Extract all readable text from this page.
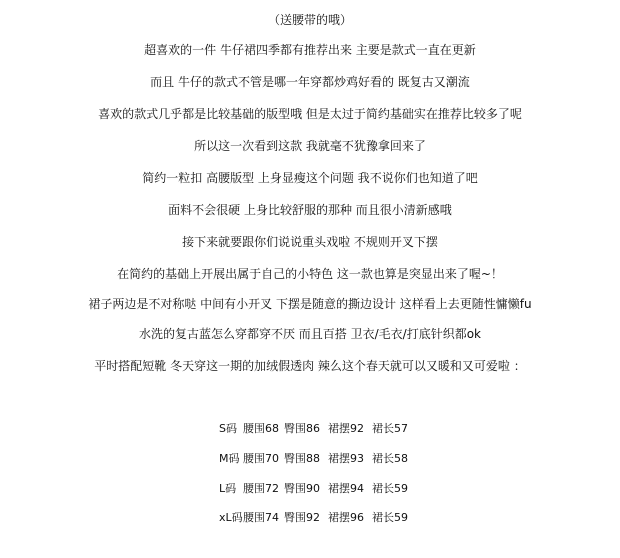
（送腰带的哦）
超喜欢的一件 牛仔裙四季都有推荐出来 主要是款式一直在更新
而且 牛仔的款式不管是哪一年穿都炒鸡好看的 既复古又潮流
喜欢的款式几乎都是比较基础的版型哦 但是太过于简约基础实在推荐比较多了呢
所以这一次看到这款 我就毫不犹豫拿回来了
简约一粒扣 高腰版型 上身显瘦这个问题 我不说你们也知道了吧
面料不会很硬 上身比较舒服的那种 而且很小清新感哦
接下来就要跟你们说说重头戏啦 不规则开叉下摆
在简约的基础上开展出属于自己的小特色 这一款也算是突显出来了喔~！
裙子两边是不对称哒 中间有小开叉 下摆是随意的撕边设计 这样看上去更随性慵懒fu
水洗的复古蓝怎么穿都穿不厌 而且百搭 卫衣/毛衣/打底针织都ok
平时搭配短靴 冬天穿这一期的加绒假透肉 辣么这个春天就可以又暖和又可爱啦 ：
S码 腰围68 臀围86 裙摆92 裙长57
M码 腰围70 臀围88 裙摆93 裙长58
L码 腰围72 臀围90 裙摆94 裙长59
xL码 腰围74 臀围92 裙摆96 裙长59
